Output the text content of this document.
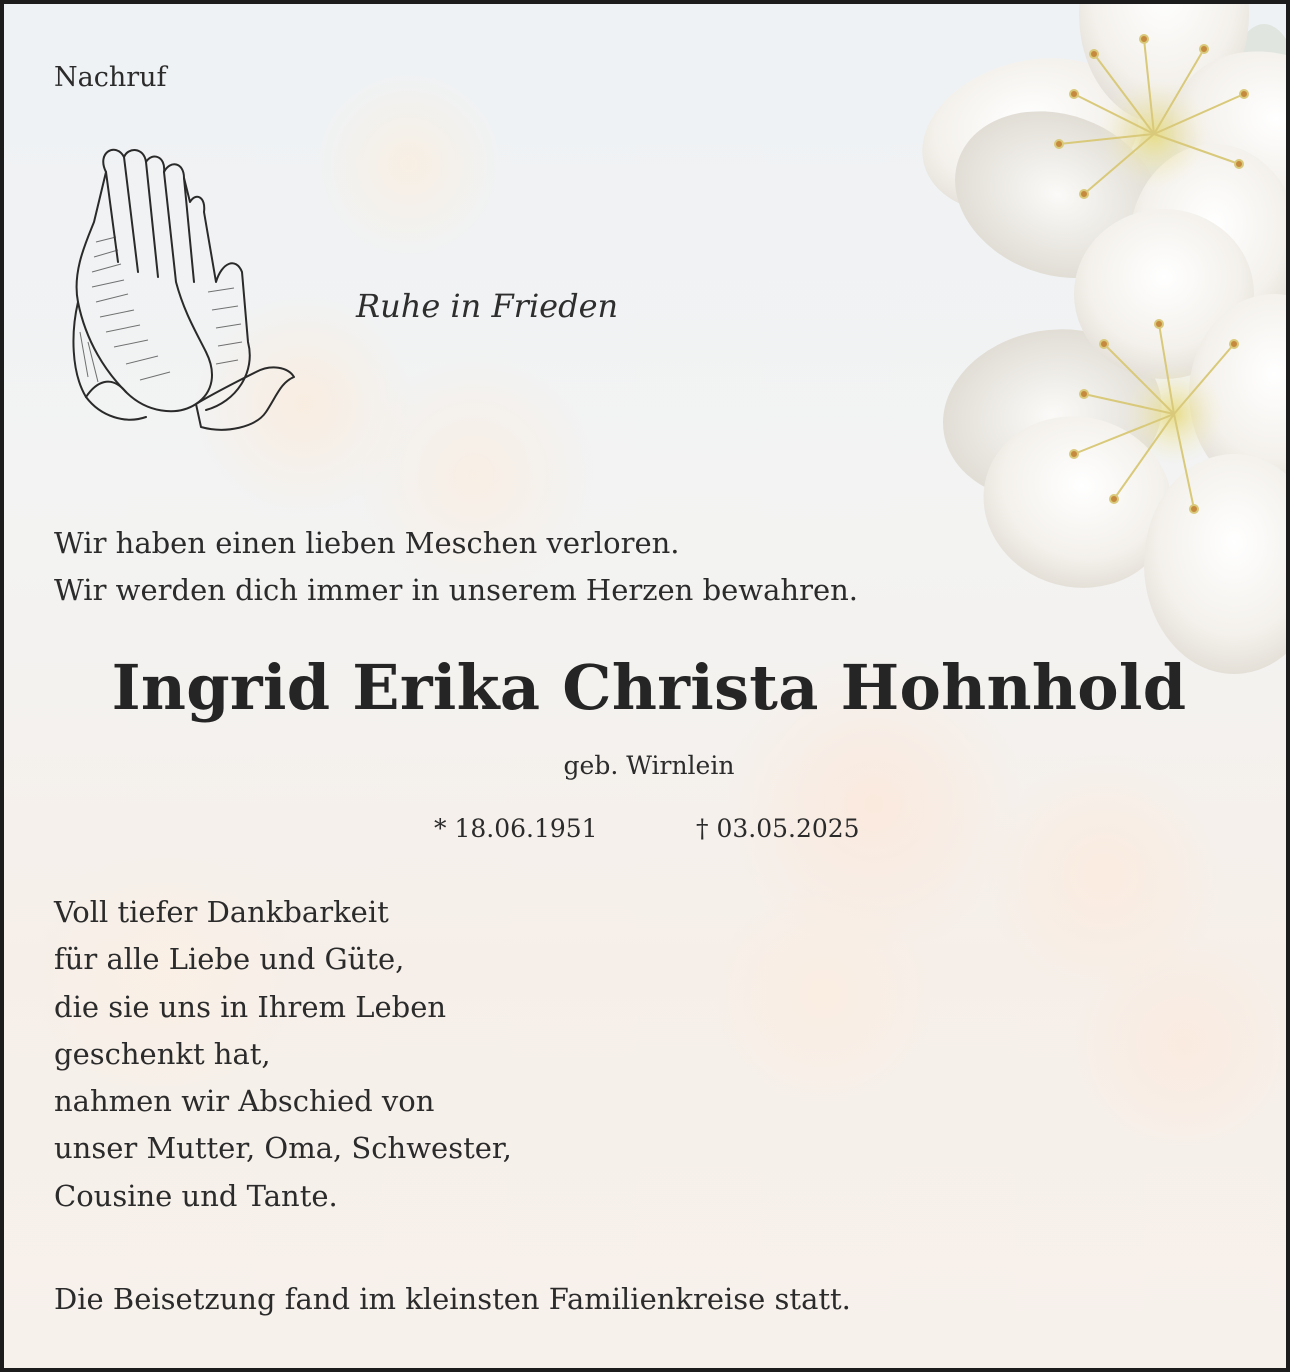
Nachruf

Ruhe in Frieden

Wir haben einen lieben Meschen verloren.
Wir werden dich immer in unserem Herzen bewahren.

Ingrid Erika Christa Hohnhold

geb. Wirnlein

* 18.06.1951	† 03.05.2025

Voll tiefer Dankbarkeit
für alle Liebe und Güte,
die sie uns in Ihrem Leben
geschenkt hat,
nahmen wir Abschied von
unser Mutter, Oma, Schwester,
Cousine und Tante.

Die Beisetzung fand im kleinsten Familienkreise statt.
